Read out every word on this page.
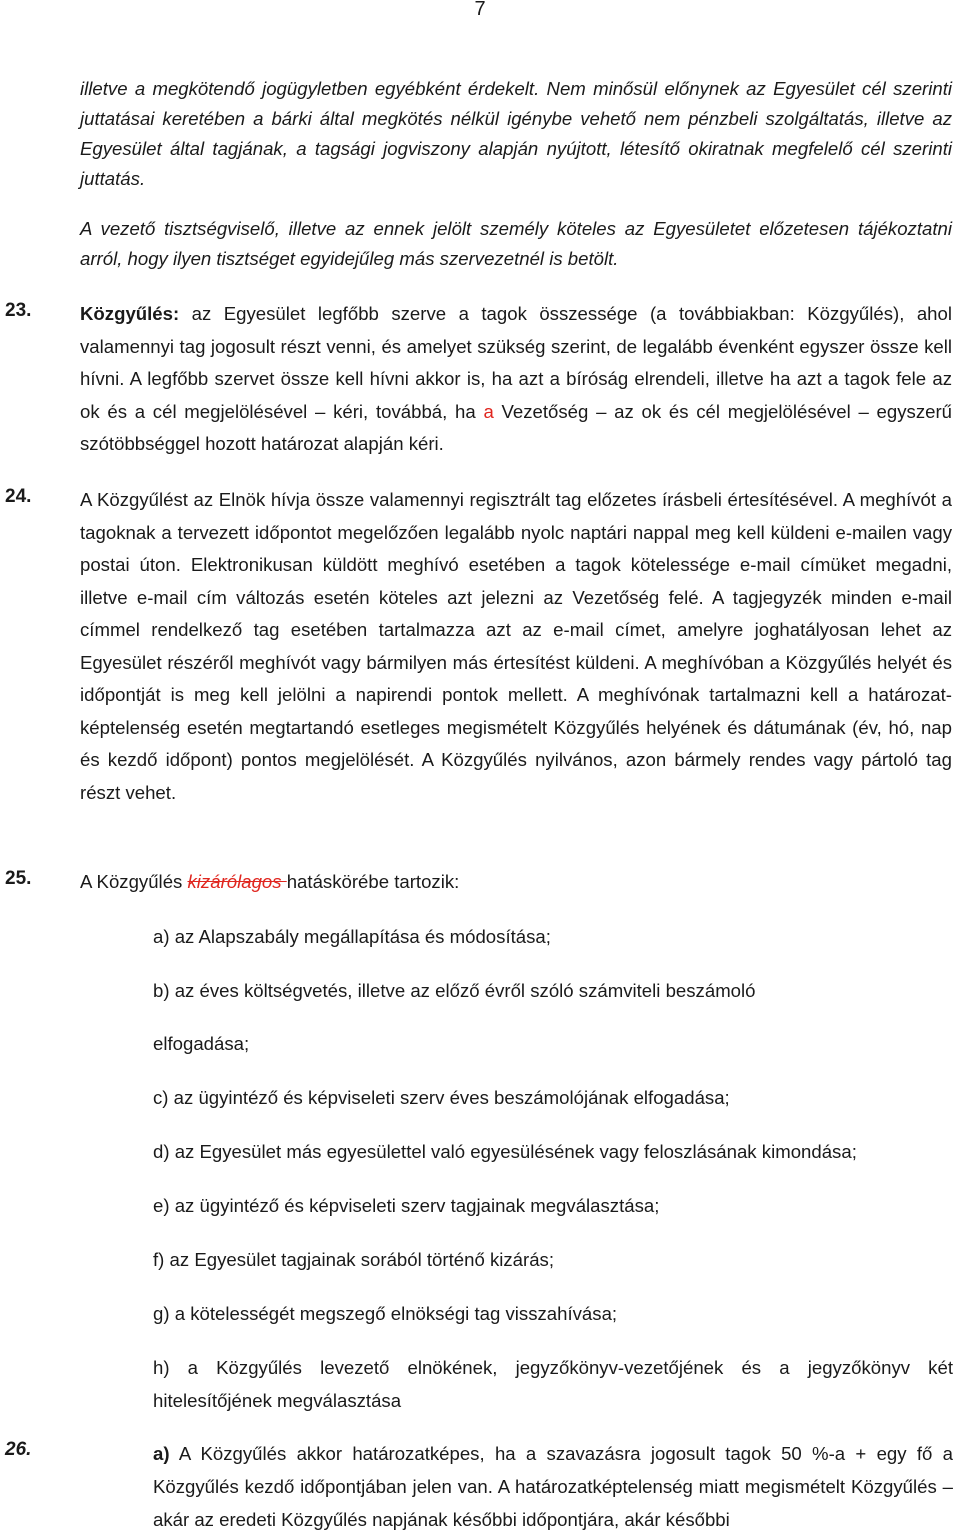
7
illetve a megkötendő jogügyletben egyébként érdekelt. Nem minősül előnynek az Egyesület cél szerinti juttatásai keretében a bárki által megkötés nélkül igénybe vehető nem pénzbeli szolgáltatás, illetve az Egyesület által tagjának, a tagsági jogviszony alapján nyújtott, létesítő okiratnak megfelelő cél szerinti juttatás.
A vezető tisztségviselő, illetve az ennek jelölt személy köteles az Egyesületet előzetesen tájékoztatni arról, hogy ilyen tisztséget egyidejűleg más szervezetnél is betölt.
23.	Közgyűlés: az Egyesület legfőbb szerve a tagok összessége (a továbbiakban: Közgyűlés), ahol valamennyi tag jogosult részt venni, és amelyet szükség szerint, de legalább évenként egyszer össze kell hívni. A legfőbb szervet össze kell hívni akkor is, ha azt a bíróság elrendeli, illetve ha azt a tagok fele az ok és a cél megjelölésével – kéri, továbbá, ha a Vezetőség – az ok és cél megjelölésével – egyszerű szótöbbséggel hozott határozat alapján kéri.
24.	A Közgyűlést az Elnök hívja össze valamennyi regisztrált tag előzetes írásbeli értesítésével. A meghívót a tagoknak a tervezett időpontot megelőzően legalább nyolc naptári nappal meg kell küldeni e-mailen vagy postai úton. Elektronikusan küldött meghívó esetében a tagok kötelessége e-mail címüket megadni, illetve e-mail cím változás esetén köteles azt jelezni az Vezetőség felé. A tagjegyzék minden e-mail címmel rendelkező tag esetében tartalmazza azt az e-mail címet, amelyre joghatályosan lehet az Egyesület részéről meghívót vagy bármilyen más értesítést küldeni. A meghívóban a Közgyűlés helyét és időpontját is meg kell jelölni a napirendi pontok mellett. A meghívónak tartalmazni kell a határozat-képtelenség esetén megtartandó esetleges megismételt Közgyűlés helyének és dátumának (év, hó, nap és kezdő időpont) pontos megjelölését. A Közgyűlés nyilvános, azon bármely rendes vagy pártoló tag részt vehet.
25.	A Közgyűlés kizárólagos hatáskörébe tartozik:
a) az Alapszabály megállapítása és módosítása;
b) az éves költségvetés, illetve az előző évről szóló számviteli beszámoló
elfogadása;
c) az ügyintéző és képviseleti szerv éves beszámolójának elfogadása;
d) az Egyesület más egyesülettel való egyesülésének vagy feloszlásának kimondása;
e) az ügyintéző és képviseleti szerv tagjainak megválasztása;
f) az Egyesület tagjainak sorából történő kizárás;
g) a kötelességét megszegő elnökségi tag visszahívása;
h) a Közgyűlés levezető elnökének, jegyzőkönyv-vezetőjének és a jegyzőkönyv két hitelesítőjének megválasztása
26.	a) A Közgyűlés akkor határozatképes, ha a szavazásra jogosult tagok 50 %-a + egy fő a Közgyűlés kezdő időpontjában jelen van. A határozatképtelenség miatt megismételt Közgyűlés –akár az eredeti Közgyűlés napjának későbbi időpontjára, akár későbbi
